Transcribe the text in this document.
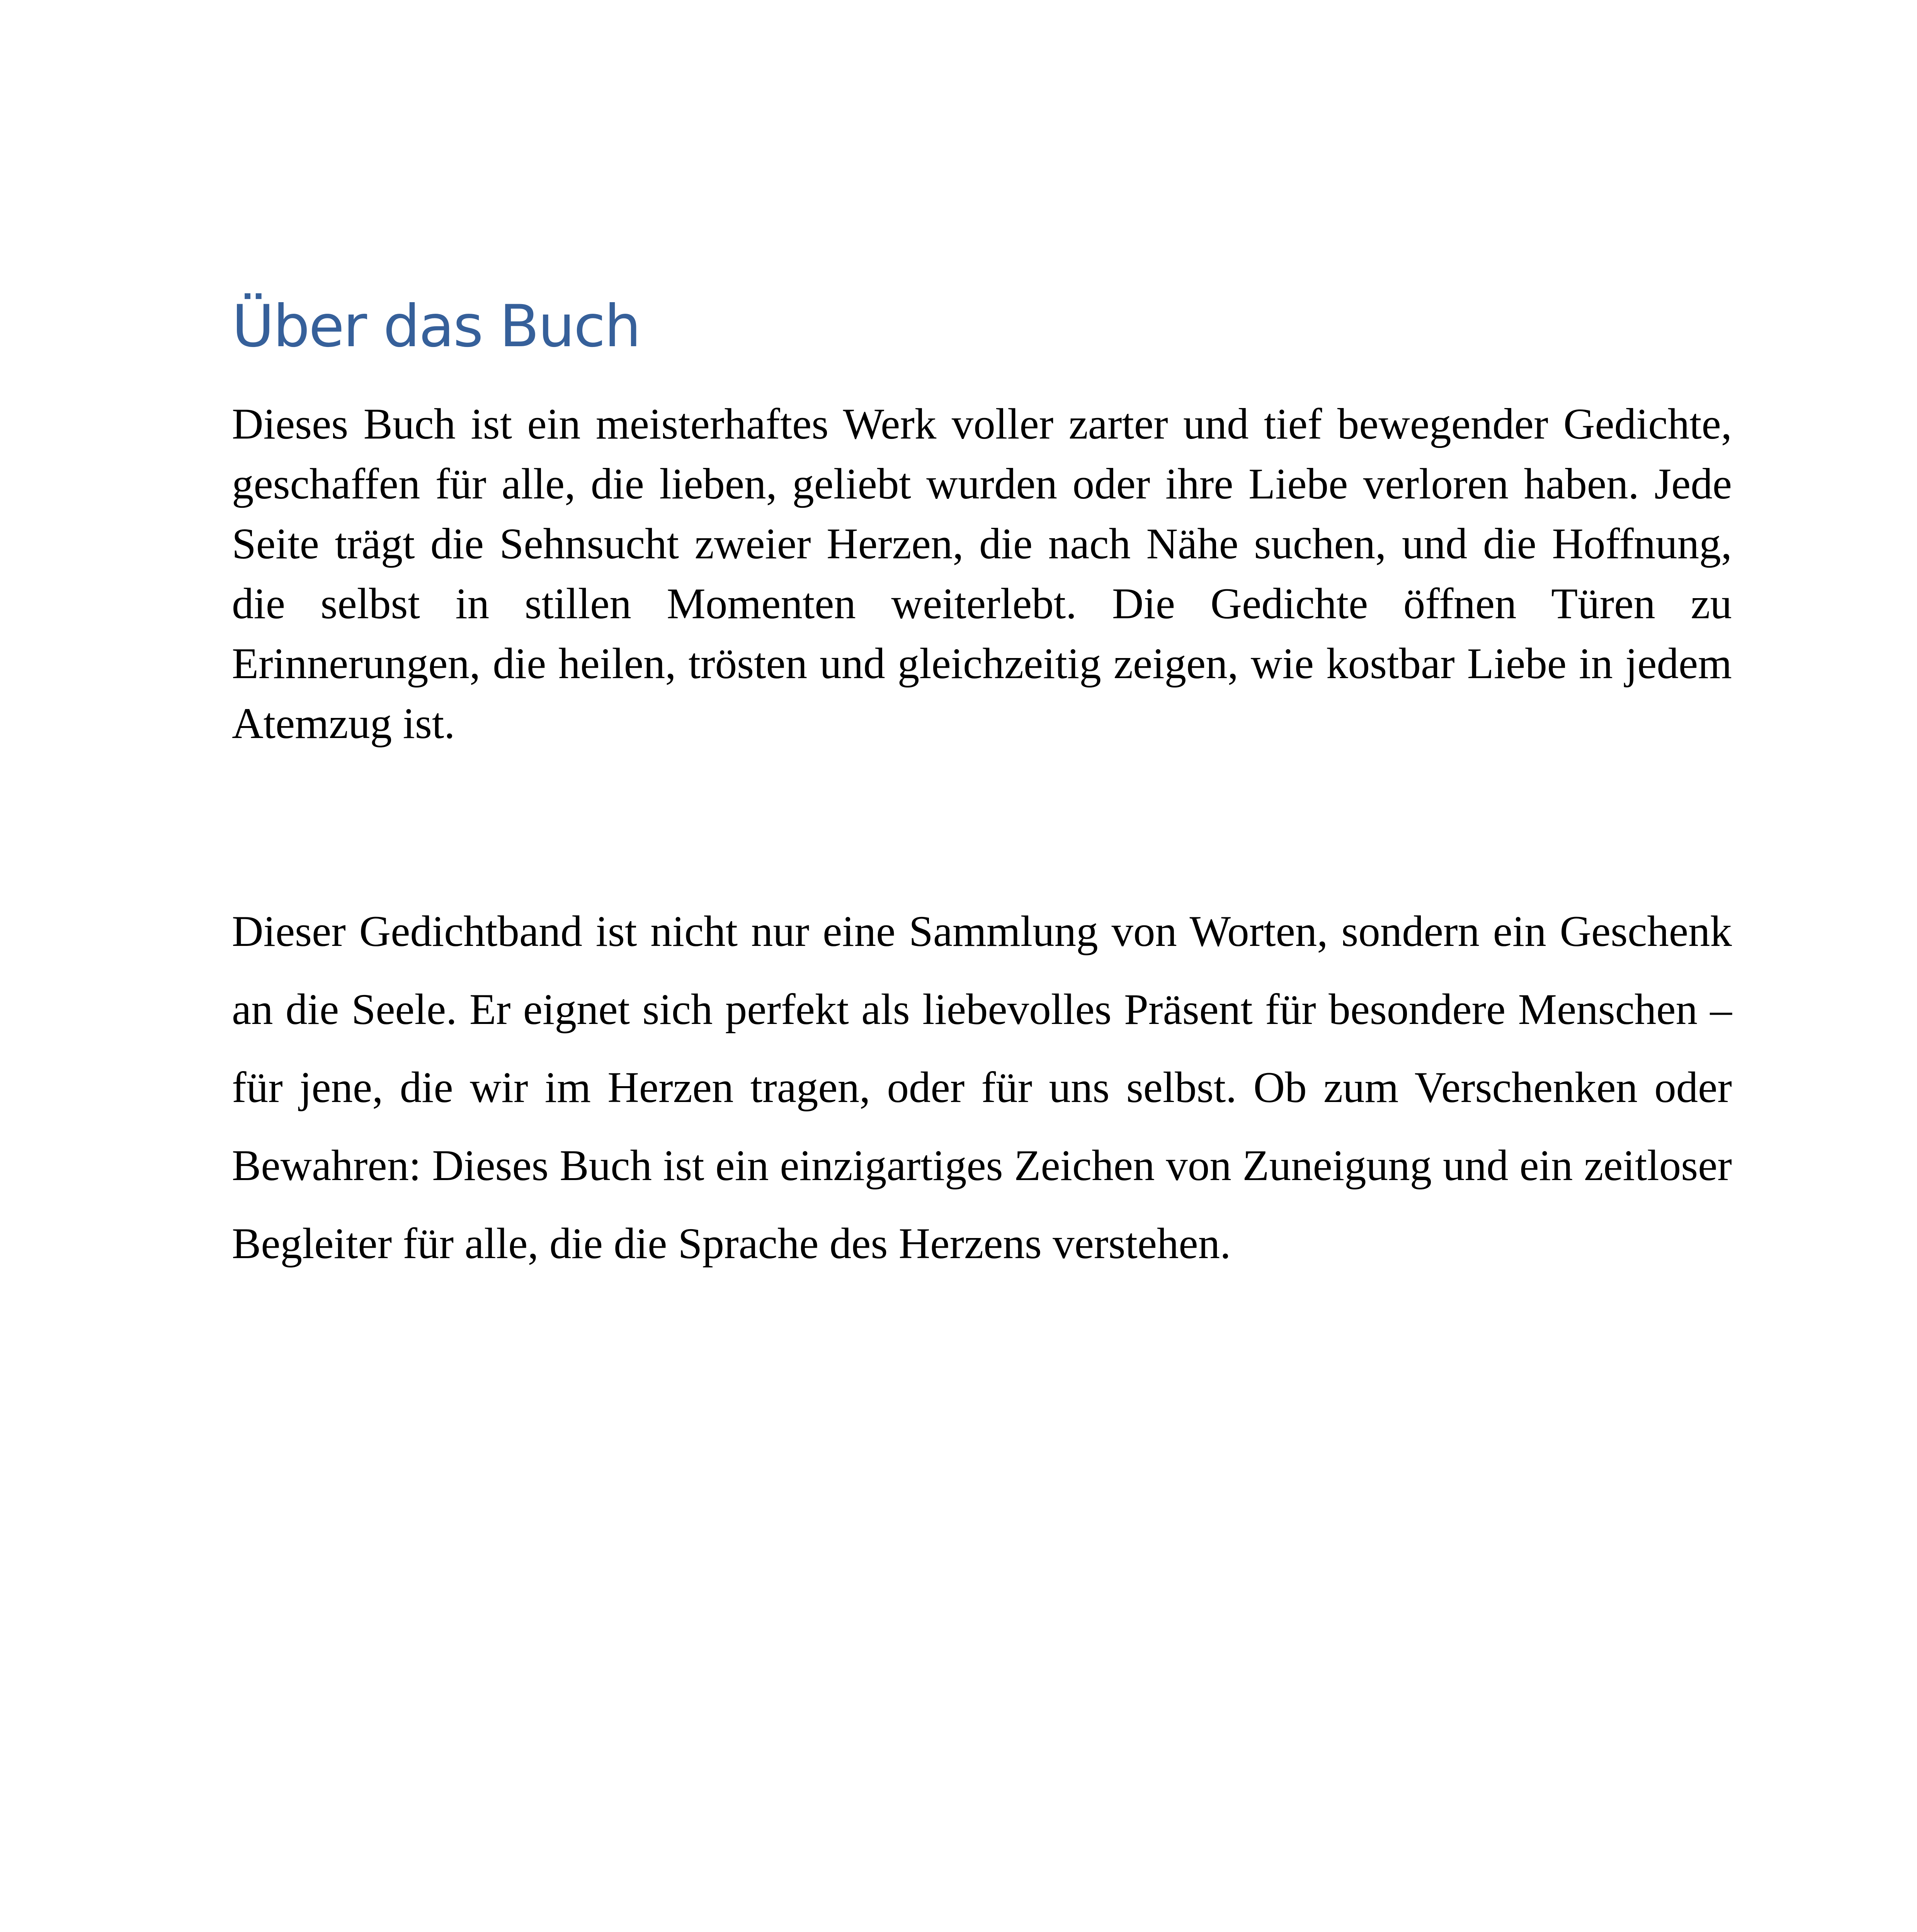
Über das Buch

Dieses Buch ist ein meisterhaftes Werk voller zarter und tief bewegender Gedichte, geschaffen für alle, die lieben, geliebt wurden oder ihre Liebe verloren haben. Jede Seite trägt die Sehnsucht zweier Herzen, die nach Nähe suchen, und die Hoffnung, die selbst in stillen Momenten weiterlebt. Die Gedichte öffnen Türen zu Erinnerungen, die heilen, trösten und gleichzeitig zeigen, wie kostbar Liebe in jedem Atemzug ist.

Dieser Gedichtband ist nicht nur eine Sammlung von Worten, sondern ein Geschenk an die Seele. Er eignet sich perfekt als liebevolles Präsent für besondere Menschen – für jene, die wir im Herzen tragen, oder für uns selbst. Ob zum Verschenken oder Bewahren: Dieses Buch ist ein einzigartiges Zeichen von Zuneigung und ein zeitloser Begleiter für alle, die die Sprache des Herzens verstehen.
